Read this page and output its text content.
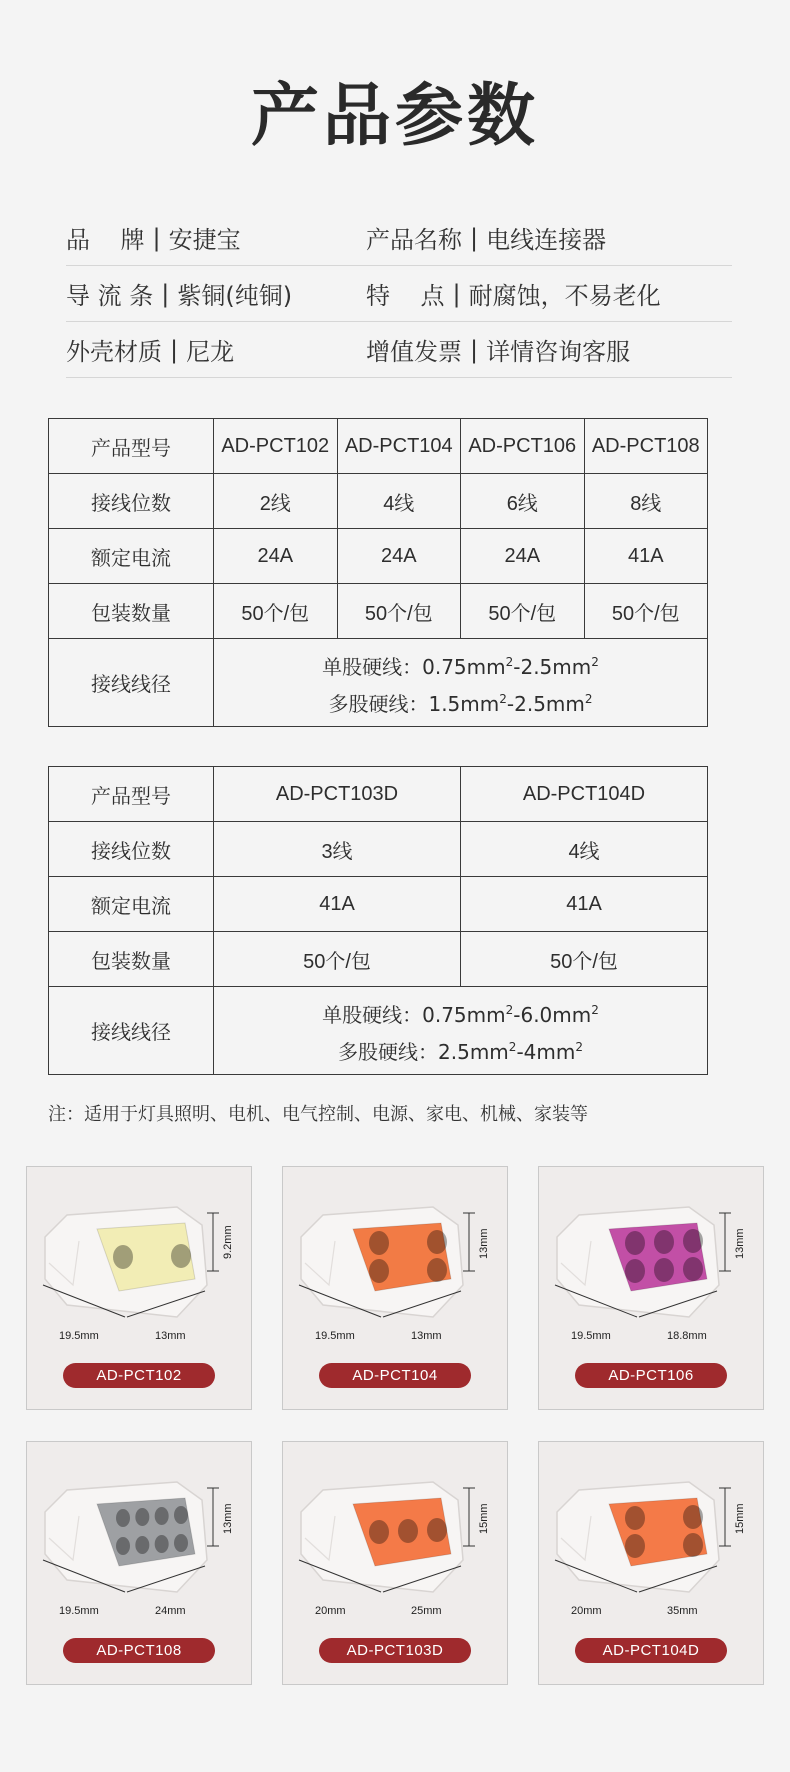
产品参数
品    牌 | 安捷宝	产品名称 | 电线连接器
导 流 条 | 紫铜(纯铜)	特    点 | 耐腐蚀，不易老化
外壳材质 | 尼龙	增值发票 | 详情咨询客服
产品型号	AD-PCT102	AD-PCT104	AD-PCT106	AD-PCT108
接线位数	2线	4线	6线	8线
额定电流	24A	24A	24A	41A
包装数量	50个/包	50个/包	50个/包	50个/包
接线线径	单股硬线：$0.75mm^2-2.5mm^2$
多股硬线：$1.5mm^2-2.5mm^2$
产品型号	AD-PCT103D	AD-PCT104D
接线位数	3线	4线
额定电流	41A	41A
包装数量	50个/包	50个/包
接线线径	单股硬线：$0.75mm^2-6.0mm^2$
多股硬线：$2.5mm^2-4mm^2$
注：适用于灯具照明、电机、电气控制、电源、家电、机械、家装等
19.5mm	13mm
9.2mm
AD-PCT102
19.5mm	13mm
13mm
AD-PCT104
19.5mm	18.8mm
13mm
AD-PCT106
19.5mm	24mm
13mm
AD-PCT108
20mm	25mm
15mm
AD-PCT103D
20mm	35mm
15mm
AD-PCT104D
